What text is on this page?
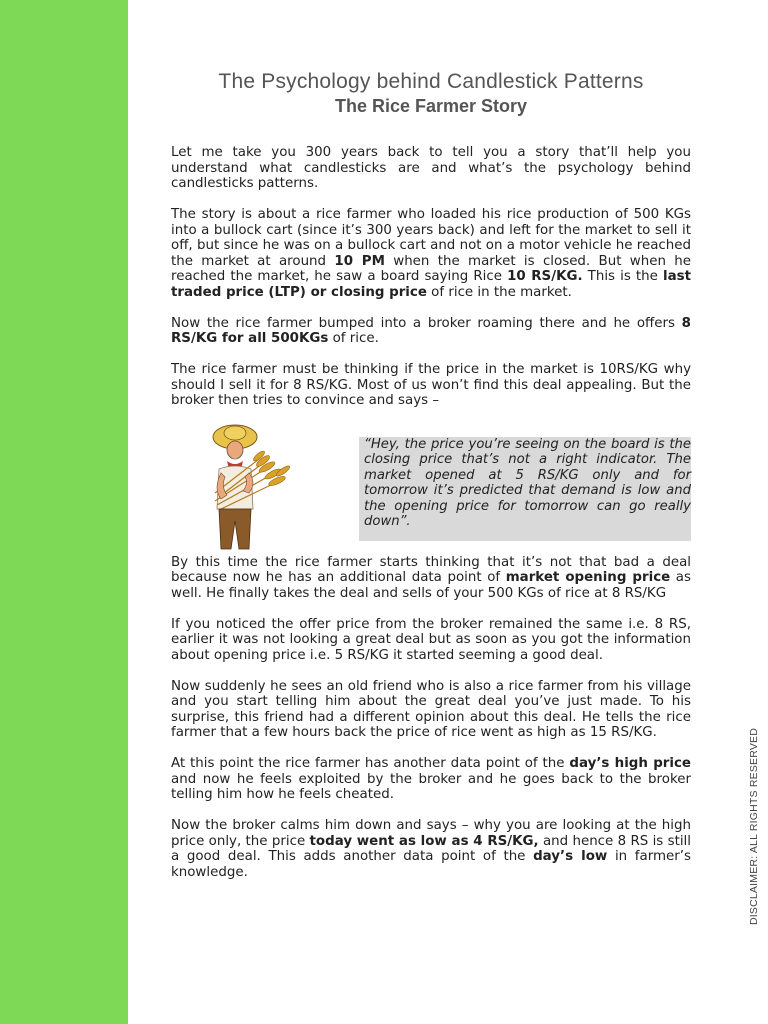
The Psychology behind Candlestick Patterns
The Rice Farmer Story

Let me take you 300 years back to tell you a story that’ll help you understand what candlesticks are and what’s the psychology behind candlesticks patterns.

The story is about a rice farmer who loaded his rice production of 500 KGs into a bullock cart (since it’s 300 years back) and left for the market to sell it off, but since he was on a bullock cart and not on a motor vehicle he reached the market at around 10 PM when the market is closed. But when he reached the market, he saw a board saying Rice 10 RS/KG. This is the last traded price (LTP) or closing price of rice in the market.

Now the rice farmer bumped into a broker roaming there and he offers 8 RS/KG for all 500KGs of rice.

The rice farmer must be thinking if the price in the market is 10RS/KG why should I sell it for 8 RS/KG. Most of us won’t find this deal appealing. But the broker then tries to convince and says –

“Hey, the price you’re seeing on the board is the closing price that’s not a right indicator. The market opened at 5 RS/KG only and for tomorrow it’s predicted that demand is low and the opening price for tomorrow can go really down”.

By this time the rice farmer starts thinking that it’s not that bad a deal because now he has an additional data point of market opening price as well. He finally takes the deal and sells of your 500 KGs of rice at 8 RS/KG

If you noticed the offer price from the broker remained the same i.e. 8 RS, earlier it was not looking a great deal but as soon as you got the information about opening price i.e. 5 RS/KG it started seeming a good deal.

Now suddenly he sees an old friend who is also a rice farmer from his village and you start telling him about the great deal you’ve just made. To his surprise, this friend had a different opinion about this deal. He tells the rice farmer that a few hours back the price of rice went as high as 15 RS/KG.

At this point the rice farmer has another data point of the day’s high price and now he feels exploited by the broker and he goes back to the broker telling him how he feels cheated.

Now the broker calms him down and says – why you are looking at the high price only, the price today went as low as 4 RS/KG, and hence 8 RS is still a good deal. This adds another data point of the day’s low in farmer’s knowledge.	DISCLAIMER: ALL RIGHTS RESERVED
